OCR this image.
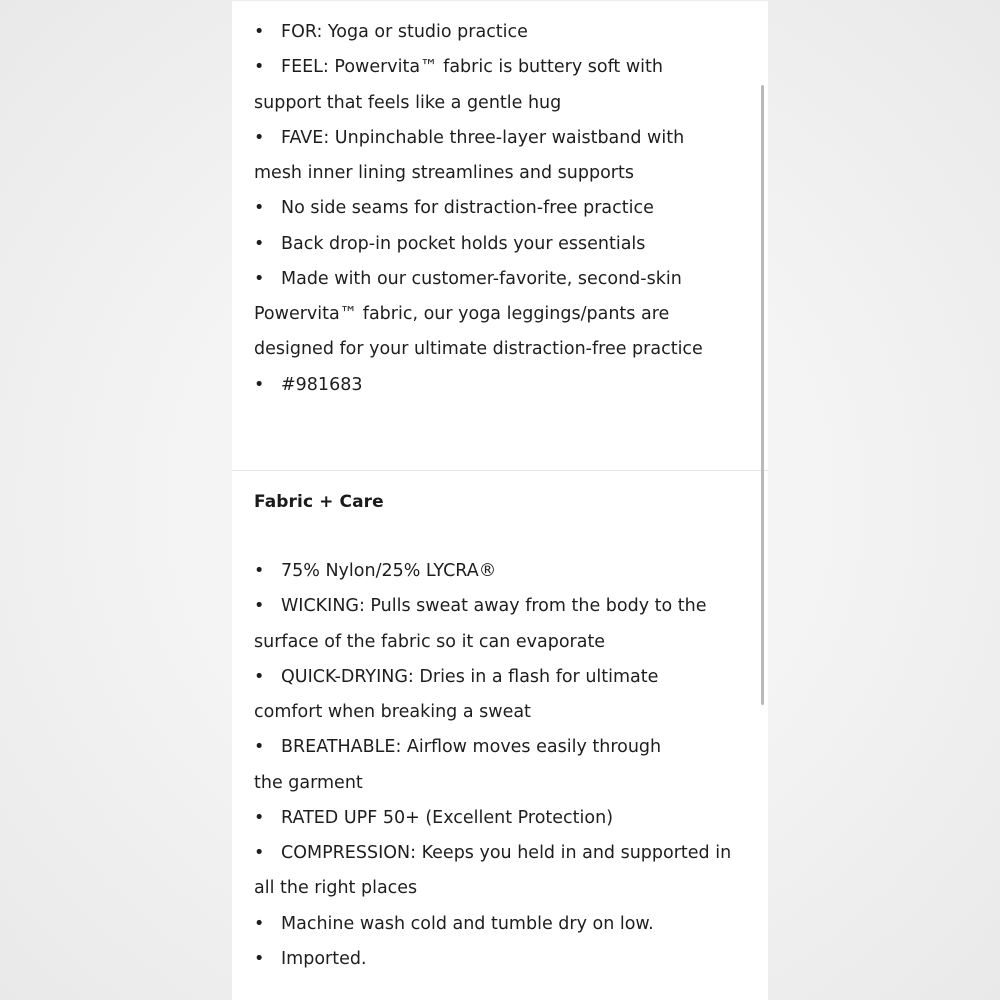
• FOR: Yoga or studio practice
• FEEL: Powervita™ fabric is buttery soft with
support that feels like a gentle hug
• FAVE: Unpinchable three-layer waistband with
mesh inner lining streamlines and supports
• No side seams for distraction-free practice
• Back drop-in pocket holds your essentials
• Made with our customer-favorite, second-skin
Powervita™ fabric, our yoga leggings/pants are
designed for your ultimate distraction-free practice
• #981683
Fabric + Care
• 75% Nylon/25% LYCRA®
• WICKING: Pulls sweat away from the body to the
surface of the fabric so it can evaporate
• QUICK-DRYING: Dries in a flash for ultimate
comfort when breaking a sweat
• BREATHABLE: Airflow moves easily through
the garment
• RATED UPF 50+ (Excellent Protection)
• COMPRESSION: Keeps you held in and supported in
all the right places
• Machine wash cold and tumble dry on low.
• Imported.
